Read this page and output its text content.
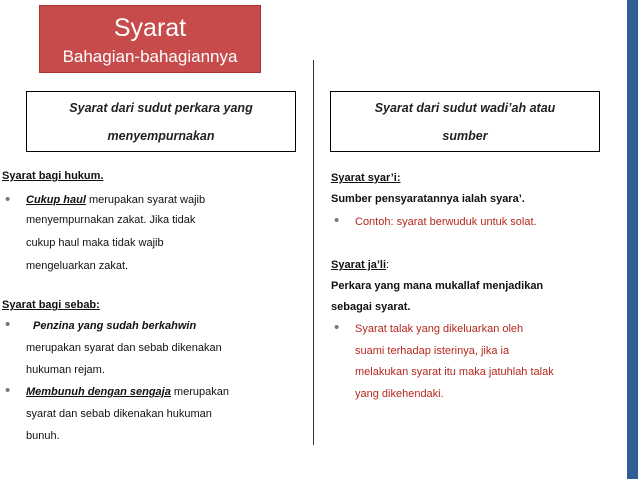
Syarat
Bahagian-bahagiannya
Syarat dari sudut perkara yang
menyempurnakan
Syarat dari sudut wadi’ah atau
sumber
Syarat bagi hukum.
• Cukup haul merupakan syarat wajib
menyempurnakan zakat. Jika tidak
cukup haul maka tidak wajib
mengeluarkan zakat.
Syarat bagi sebab:
• Penzina yang sudah berkahwin
merupakan syarat dan sebab dikenakan
hukuman rejam.
• Membunuh dengan sengaja merupakan
syarat dan sebab dikenakan hukuman
bunuh.
Syarat syar’i:
Sumber pensyaratannya ialah syara’.
• Contoh: syarat berwuduk untuk solat.
Syarat ja’li:
Perkara yang mana mukallaf menjadikan
sebagai syarat.
• Syarat talak yang dikeluarkan oleh
suami terhadap isterinya, jika ia
melakukan syarat itu maka jatuhlah talak
yang dikehendaki.
